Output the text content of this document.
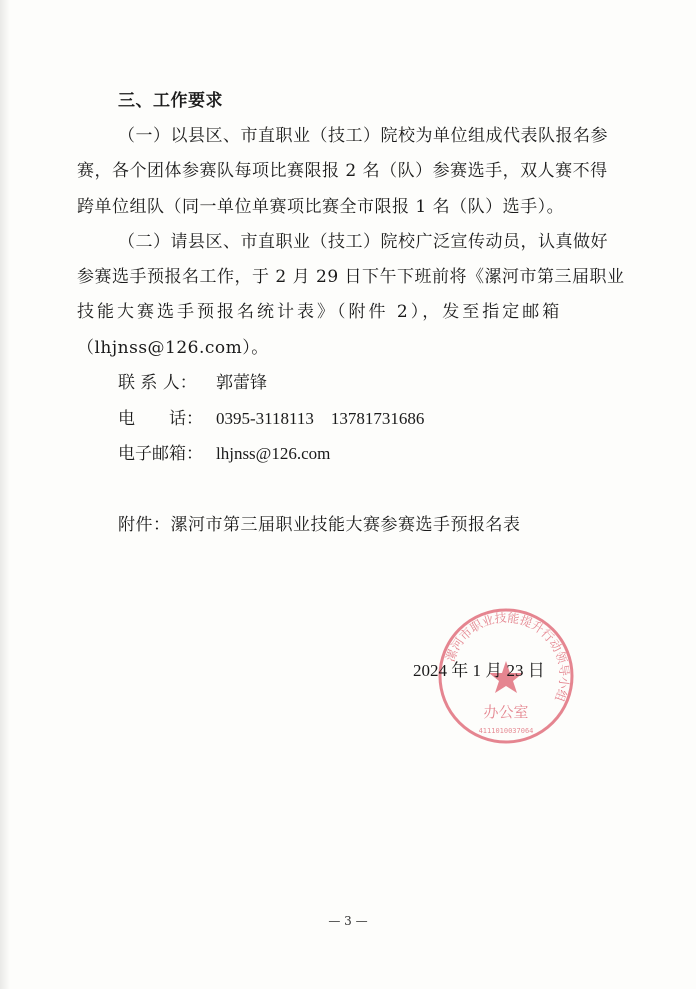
三、工作要求
（一）以县区、市直职业（技工）院校为单位组成代表队报名参
赛，各个团体参赛队每项比赛限报 2 名（队）参赛选手，双人赛不得
跨单位组队（同一单位单赛项比赛全市限报 1 名（队）选手）。
（二）请县区、市直职业（技工）院校广泛宣传动员，认真做好
参赛选手预报名工作，于 2 月 29 日下午下班前将《漯河市第三届职业
技能大赛选手预报名统计表》（附件 2），发至指定邮箱
（lhjnss@126.com）。
联 系 人： 郭蕾锋
电　　话： 0395-3118113　13781731686
电子邮箱： lhjnss@126.com
附件：漯河市第三届职业技能大赛参赛选手预报名表
漯河市职业技能提升行动领导小组
办公室
4111010037064
2024 年 1 月 23 日
— 3 —
